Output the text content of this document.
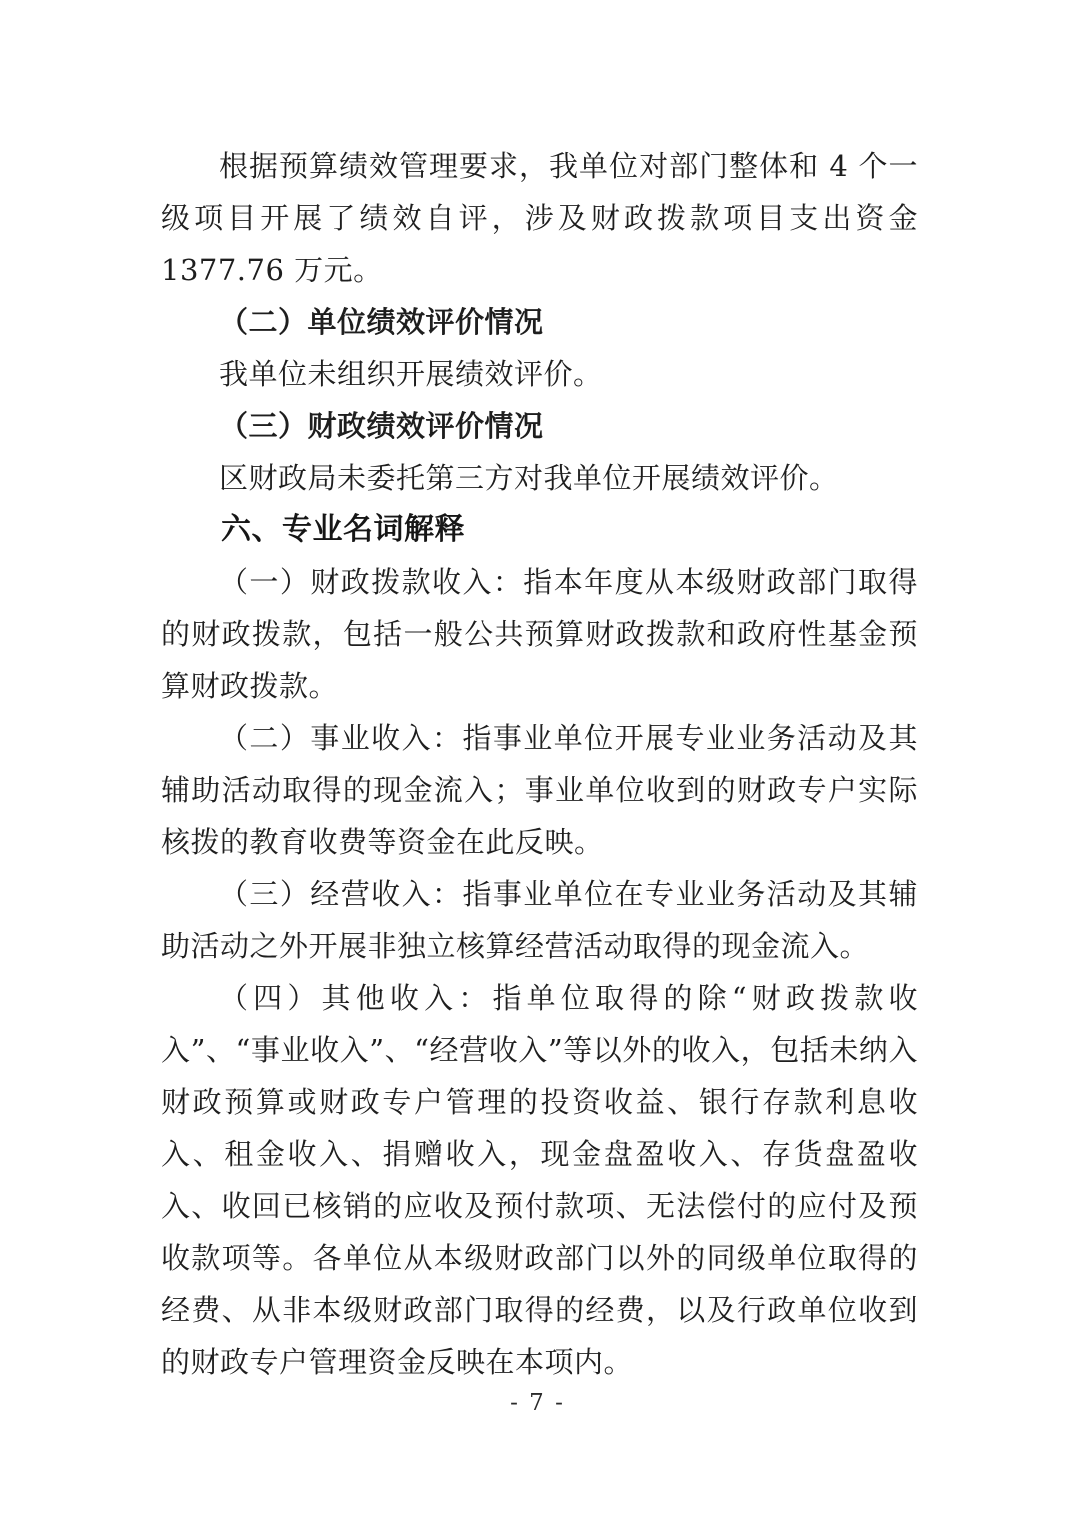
根据预算绩效管理要求，我单位对部门整体和 4 个一级项目开展了绩效自评，涉及财政拨款项目支出资金 1377.76 万元。

（二）单位绩效评价情况

我单位未组织开展绩效评价。

（三）财政绩效评价情况

区财政局未委托第三方对我单位开展绩效评价。

六、专业名词解释

（一）财政拨款收入：指本年度从本级财政部门取得的财政拨款，包括一般公共预算财政拨款和政府性基金预算财政拨款。

（二）事业收入：指事业单位开展专业业务活动及其辅助活动取得的现金流入；事业单位收到的财政专户实际核拨的教育收费等资金在此反映。

（三）经营收入：指事业单位在专业业务活动及其辅助活动之外开展非独立核算经营活动取得的现金流入。

（四）其他收入：指单位取得的除“财政拨款收入”、“事业收入”、“经营收入”等以外的收入，包括未纳入财政预算或财政专户管理的投资收益、银行存款利息收入、租金收入、捐赠收入，现金盘盈收入、存货盘盈收入、收回已核销的应收及预付款项、无法偿付的应付及预收款项等。各单位从本级财政部门以外的同级单位取得的经费、从非本级财政部门取得的经费，以及行政单位收到的财政专户管理资金反映在本项内。

- 7 -
